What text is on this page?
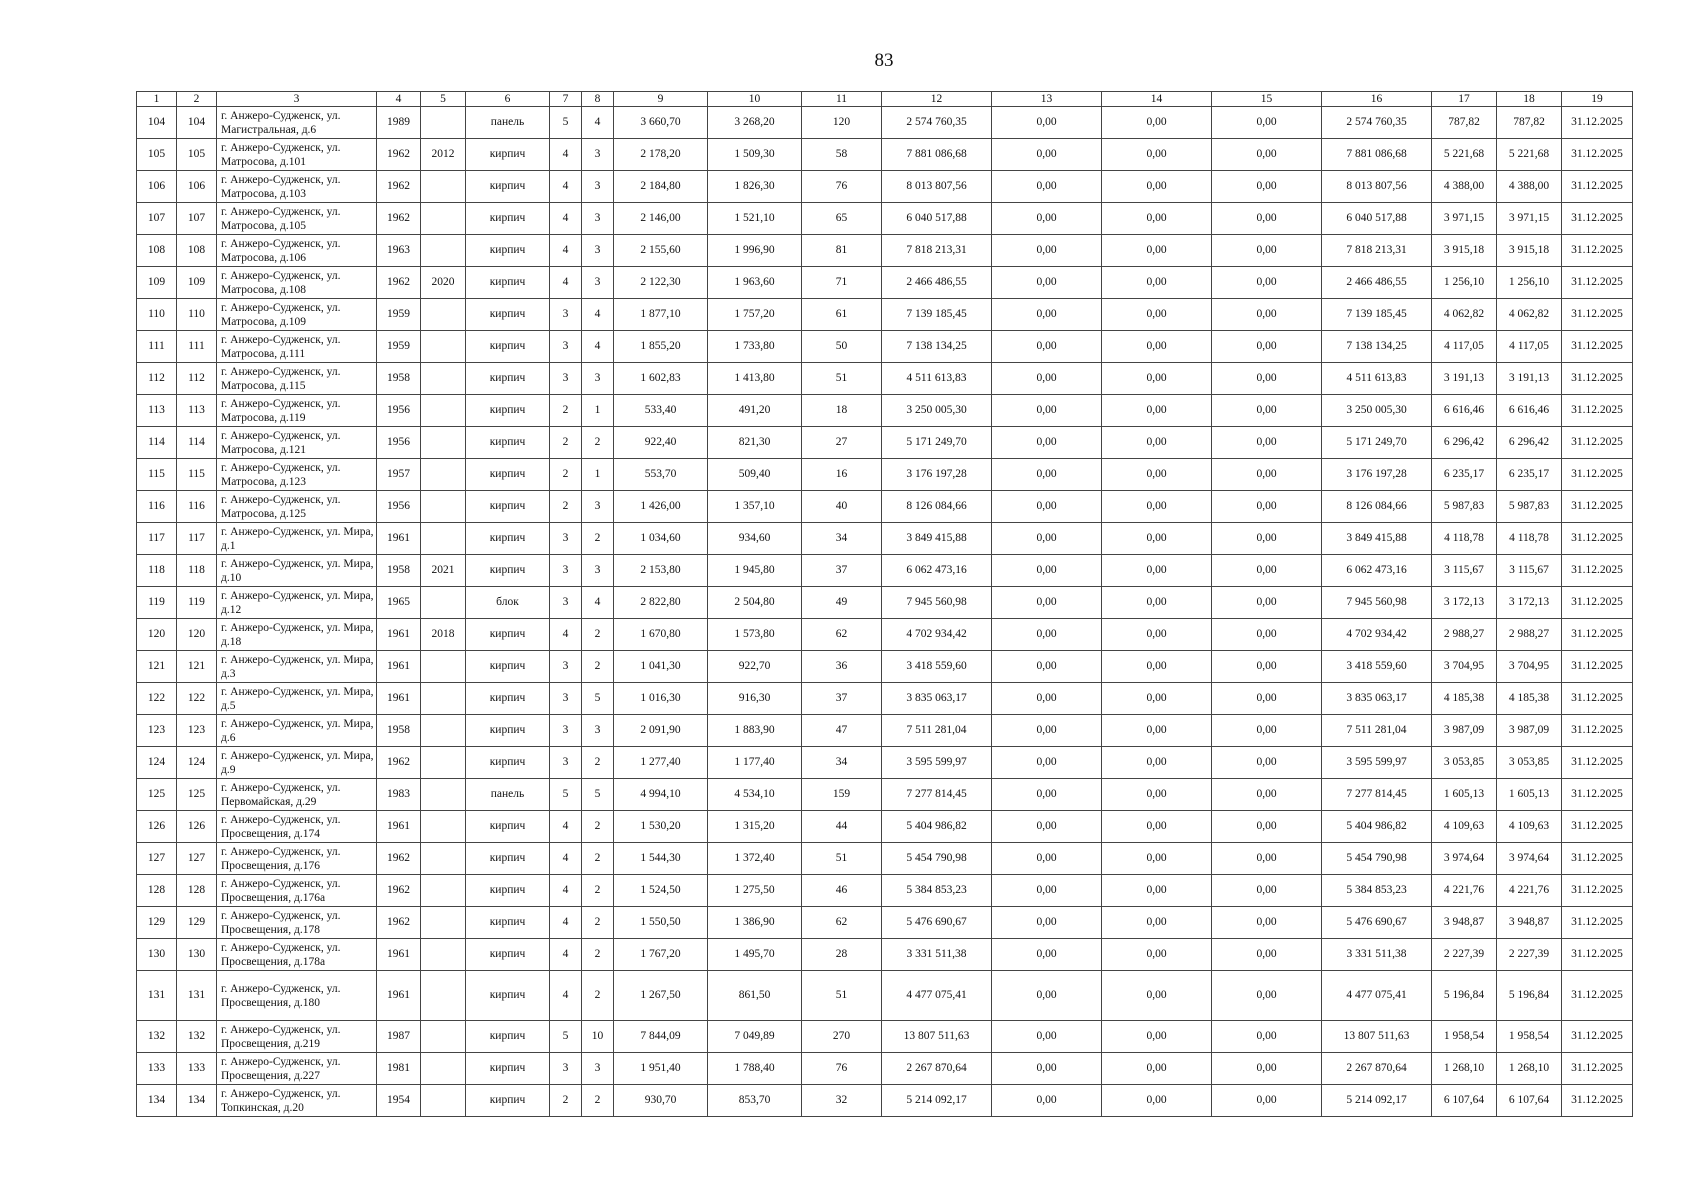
83
1	2	3	4	5	6	7	8	9	10	11	12	13	14	15	16	17	18	19
104	104	г. Анжеро-Судженск, ул. Магистральная, д.6	1989		панель	5	4	3 660,70	3 268,20	120	2 574 760,35	0,00	0,00	0,00	2 574 760,35	787,82	787,82	31.12.2025
105	105	г. Анжеро-Судженск, ул. Матросова, д.101	1962	2012	кирпич	4	3	2 178,20	1 509,30	58	7 881 086,68	0,00	0,00	0,00	7 881 086,68	5 221,68	5 221,68	31.12.2025
106	106	г. Анжеро-Судженск, ул. Матросова, д.103	1962		кирпич	4	3	2 184,80	1 826,30	76	8 013 807,56	0,00	0,00	0,00	8 013 807,56	4 388,00	4 388,00	31.12.2025
107	107	г. Анжеро-Судженск, ул. Матросова, д.105	1962		кирпич	4	3	2 146,00	1 521,10	65	6 040 517,88	0,00	0,00	0,00	6 040 517,88	3 971,15	3 971,15	31.12.2025
108	108	г. Анжеро-Судженск, ул. Матросова, д.106	1963		кирпич	4	3	2 155,60	1 996,90	81	7 818 213,31	0,00	0,00	0,00	7 818 213,31	3 915,18	3 915,18	31.12.2025
109	109	г. Анжеро-Судженск, ул. Матросова, д.108	1962	2020	кирпич	4	3	2 122,30	1 963,60	71	2 466 486,55	0,00	0,00	0,00	2 466 486,55	1 256,10	1 256,10	31.12.2025
110	110	г. Анжеро-Судженск, ул. Матросова, д.109	1959		кирпич	3	4	1 877,10	1 757,20	61	7 139 185,45	0,00	0,00	0,00	7 139 185,45	4 062,82	4 062,82	31.12.2025
111	111	г. Анжеро-Судженск, ул. Матросова, д.111	1959		кирпич	3	4	1 855,20	1 733,80	50	7 138 134,25	0,00	0,00	0,00	7 138 134,25	4 117,05	4 117,05	31.12.2025
112	112	г. Анжеро-Судженск, ул. Матросова, д.115	1958		кирпич	3	3	1 602,83	1 413,80	51	4 511 613,83	0,00	0,00	0,00	4 511 613,83	3 191,13	3 191,13	31.12.2025
113	113	г. Анжеро-Судженск, ул. Матросова, д.119	1956		кирпич	2	1	533,40	491,20	18	3 250 005,30	0,00	0,00	0,00	3 250 005,30	6 616,46	6 616,46	31.12.2025
114	114	г. Анжеро-Судженск, ул. Матросова, д.121	1956		кирпич	2	2	922,40	821,30	27	5 171 249,70	0,00	0,00	0,00	5 171 249,70	6 296,42	6 296,42	31.12.2025
115	115	г. Анжеро-Судженск, ул. Матросова, д.123	1957		кирпич	2	1	553,70	509,40	16	3 176 197,28	0,00	0,00	0,00	3 176 197,28	6 235,17	6 235,17	31.12.2025
116	116	г. Анжеро-Судженск, ул. Матросова, д.125	1956		кирпич	2	3	1 426,00	1 357,10	40	8 126 084,66	0,00	0,00	0,00	8 126 084,66	5 987,83	5 987,83	31.12.2025
117	117	г. Анжеро-Судженск, ул. Мира, д.1	1961		кирпич	3	2	1 034,60	934,60	34	3 849 415,88	0,00	0,00	0,00	3 849 415,88	4 118,78	4 118,78	31.12.2025
118	118	г. Анжеро-Судженск, ул. Мира, д.10	1958	2021	кирпич	3	3	2 153,80	1 945,80	37	6 062 473,16	0,00	0,00	0,00	6 062 473,16	3 115,67	3 115,67	31.12.2025
119	119	г. Анжеро-Судженск, ул. Мира, д.12	1965		блок	3	4	2 822,80	2 504,80	49	7 945 560,98	0,00	0,00	0,00	7 945 560,98	3 172,13	3 172,13	31.12.2025
120	120	г. Анжеро-Судженск, ул. Мира, д.18	1961	2018	кирпич	4	2	1 670,80	1 573,80	62	4 702 934,42	0,00	0,00	0,00	4 702 934,42	2 988,27	2 988,27	31.12.2025
121	121	г. Анжеро-Судженск, ул. Мира, д.3	1961		кирпич	3	2	1 041,30	922,70	36	3 418 559,60	0,00	0,00	0,00	3 418 559,60	3 704,95	3 704,95	31.12.2025
122	122	г. Анжеро-Судженск, ул. Мира, д.5	1961		кирпич	3	5	1 016,30	916,30	37	3 835 063,17	0,00	0,00	0,00	3 835 063,17	4 185,38	4 185,38	31.12.2025
123	123	г. Анжеро-Судженск, ул. Мира, д.6	1958		кирпич	3	3	2 091,90	1 883,90	47	7 511 281,04	0,00	0,00	0,00	7 511 281,04	3 987,09	3 987,09	31.12.2025
124	124	г. Анжеро-Судженск, ул. Мира, д.9	1962		кирпич	3	2	1 277,40	1 177,40	34	3 595 599,97	0,00	0,00	0,00	3 595 599,97	3 053,85	3 053,85	31.12.2025
125	125	г. Анжеро-Судженск, ул. Первомайская, д.29	1983		панель	5	5	4 994,10	4 534,10	159	7 277 814,45	0,00	0,00	0,00	7 277 814,45	1 605,13	1 605,13	31.12.2025
126	126	г. Анжеро-Судженск, ул. Просвещения, д.174	1961		кирпич	4	2	1 530,20	1 315,20	44	5 404 986,82	0,00	0,00	0,00	5 404 986,82	4 109,63	4 109,63	31.12.2025
127	127	г. Анжеро-Судженск, ул. Просвещения, д.176	1962		кирпич	4	2	1 544,30	1 372,40	51	5 454 790,98	0,00	0,00	0,00	5 454 790,98	3 974,64	3 974,64	31.12.2025
128	128	г. Анжеро-Судженск, ул. Просвещения, д.176а	1962		кирпич	4	2	1 524,50	1 275,50	46	5 384 853,23	0,00	0,00	0,00	5 384 853,23	4 221,76	4 221,76	31.12.2025
129	129	г. Анжеро-Судженск, ул. Просвещения, д.178	1962		кирпич	4	2	1 550,50	1 386,90	62	5 476 690,67	0,00	0,00	0,00	5 476 690,67	3 948,87	3 948,87	31.12.2025
130	130	г. Анжеро-Судженск, ул. Просвещения, д.178а	1961		кирпич	4	2	1 767,20	1 495,70	28	3 331 511,38	0,00	0,00	0,00	3 331 511,38	2 227,39	2 227,39	31.12.2025
131	131	г. Анжеро-Судженск, ул. Просвещения, д.180	1961		кирпич	4	2	1 267,50	861,50	51	4 477 075,41	0,00	0,00	0,00	4 477 075,41	5 196,84	5 196,84	31.12.2025
132	132	г. Анжеро-Судженск, ул. Просвещения, д.219	1987		кирпич	5	10	7 844,09	7 049,89	270	13 807 511,63	0,00	0,00	0,00	13 807 511,63	1 958,54	1 958,54	31.12.2025
133	133	г. Анжеро-Судженск, ул. Просвещения, д.227	1981		кирпич	3	3	1 951,40	1 788,40	76	2 267 870,64	0,00	0,00	0,00	2 267 870,64	1 268,10	1 268,10	31.12.2025
134	134	г. Анжеро-Судженск, ул. Топкинская, д.20	1954		кирпич	2	2	930,70	853,70	32	5 214 092,17	0,00	0,00	0,00	5 214 092,17	6 107,64	6 107,64	31.12.2025
